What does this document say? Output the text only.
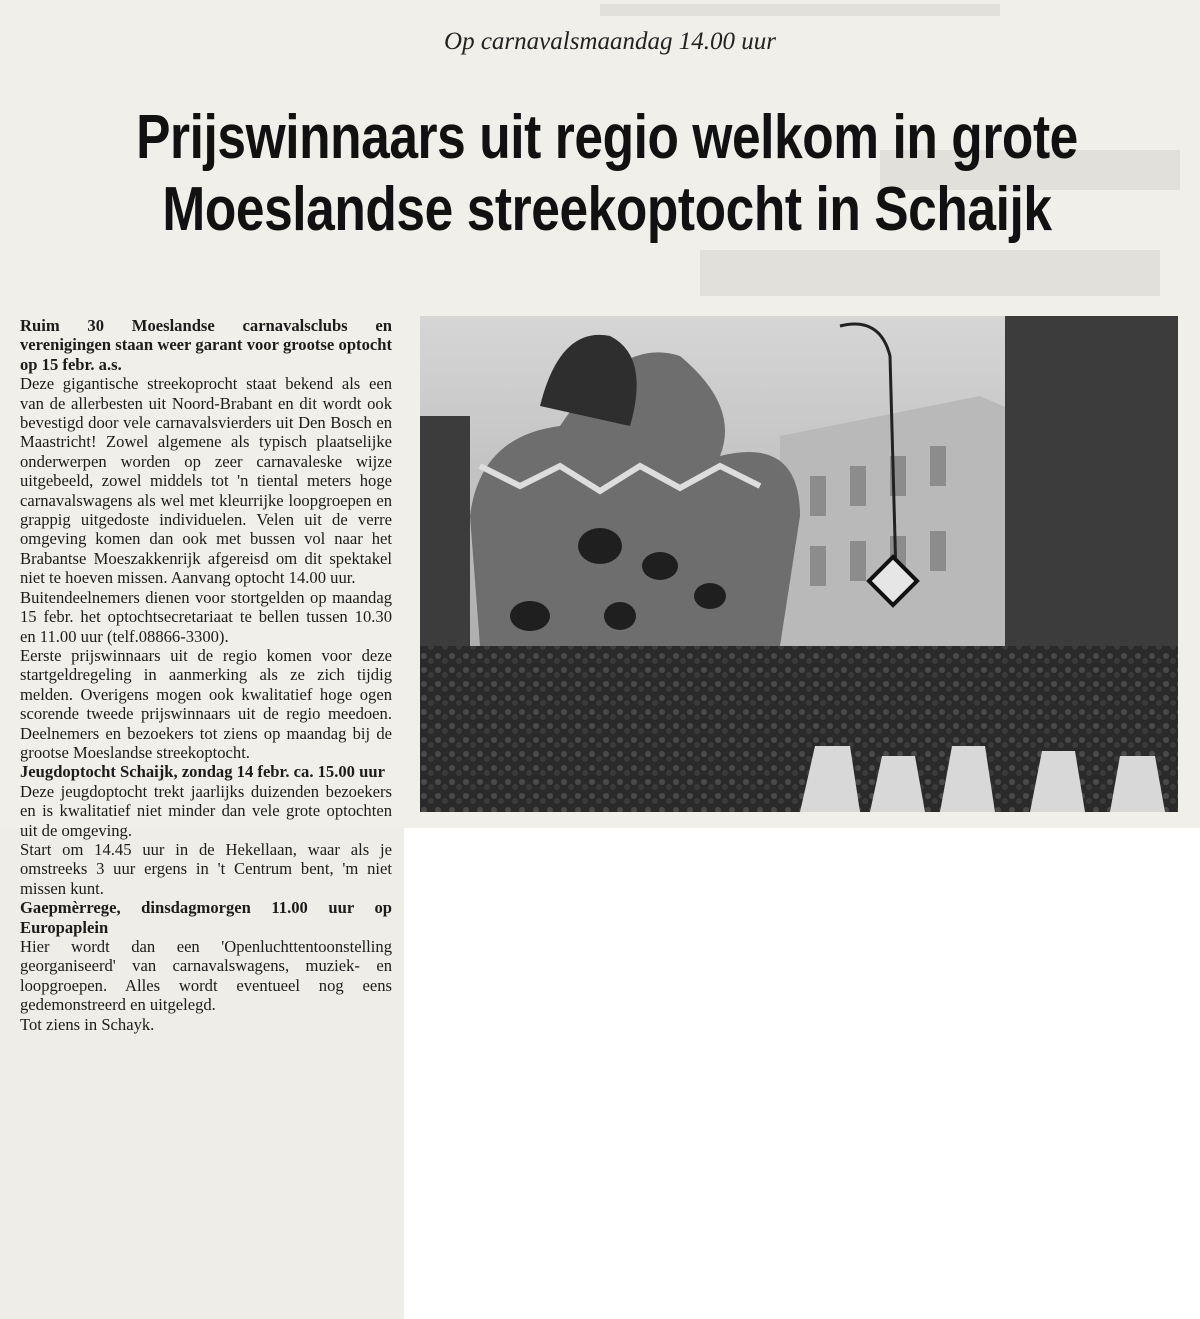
Op carnavalsmaandag 14.00 uur
Prijswinnaars uit regio welkom in grote
Moeslandse streekoptocht in Schaijk

Ruim 30 Moeslandse carnavalsclubs en verenigingen staan weer garant voor grootse optocht op 15 febr. a.s.

Deze gigantische streekoprocht staat bekend als een van de allerbesten uit Noord-Brabant en dit wordt ook bevestigd door vele carnavalsvierders uit Den Bosch en Maastricht! Zowel algemene als typisch plaatselijke onderwerpen worden op zeer carnavaleske wijze uitgebeeld, zowel middels tot 'n tiental meters hoge carnavalswagens als wel met kleurrijke loopgroepen en grappig uitgedoste individuelen. Velen uit de verre omgeving komen dan ook met bussen vol naar het Brabantse Moeszakkenrijk afgereisd om dit spektakel niet te hoeven missen. Aanvang optocht 14.00 uur.

Buitendeelnemers dienen voor stortgelden op maandag 15 febr. het optochtsecretariaat te bellen tussen 10.30 en 11.00 uur (telf.08866-3300).

Eerste prijswinnaars uit de regio komen voor deze startgeldregeling in aanmerking als ze zich tijdig melden. Overigens mogen ook kwalitatief hoge ogen scorende tweede prijswinnaars uit de regio meedoen. Deelnemers en bezoekers tot ziens op maandag bij de grootse Moeslandse streekoptocht.

Jeugdoptocht Schaijk, zondag 14 febr. ca. 15.00 uur

Deze jeugdoptocht trekt jaarlijks duizenden bezoekers en is kwalitatief niet minder dan vele grote optochten uit de omgeving.

Start om 14.45 uur in de Hekellaan, waar als je omstreeks 3 uur ergens in 't Centrum bent, 'm niet missen kunt.

Gaepmèrrege, dinsdagmorgen 11.00 uur op Europaplein

Hier wordt dan een 'Openluchttentoonstelling georganiseerd' van carnavalswagens, muziek- en loopgroepen. Alles wordt eventueel nog eens gedemonstreerd en uitgelegd.

Tot ziens in Schayk.
